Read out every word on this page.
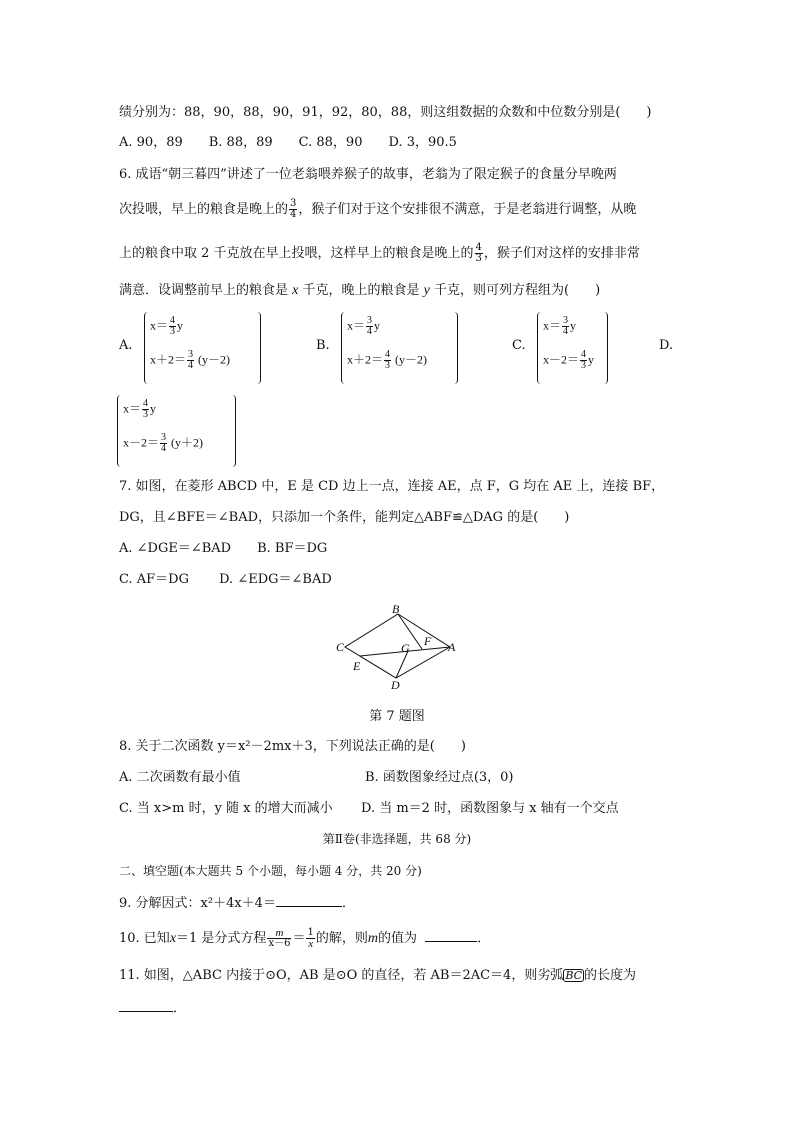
绩分别为：88，90，88，90，91，92，80，88，则这组数据的众数和中位数分别是(　　)
A. 90，89　　B. 88，89　　C. 88，90　　D. 3，90.5
6. 成语“朝三暮四”讲述了一位老翁喂养猴子的故事，老翁为了限定猴子的食量分早晚两
次投喂，早上的粮食是晚上的 $\frac{3}{4}$ ，猴子们对于这个安排很不满意，于是老翁进行调整，从晚
上的粮食中取 2 千克放在早上投喂，这样早上的粮食是晚上的 $\frac{4}{3}$ ，猴子们对这样的安排非常
满意．设调整前早上的粮食是 x 千克，晚上的粮食是 y 千克，则可列方程组为(　　)
A.
$x= \frac{4}{3}$ y
$x+2= \frac{3}{4} (y-2)$
B.
$x= \frac{3}{4}$ y
$x+2= \frac{4}{3} (y-2)$
C.
$x= \frac{3}{4}$ y
$x-2= \frac{4}{3}$ y
D.
$x= \frac{4}{3}$ y
$x-2= \frac{3}{4} (y+2)$
7. 如图，在菱形 ABCD 中，E 是 CD 边上一点，连接 AE，点 F，G 均在 AE 上，连接 BF，
DG，且∠BFE＝∠BAD，只添加一个条件，能判定△ABF≌△DAG 的是(　　)
A. ∠DGE＝∠BAD　　B. BF＝DG
C. AF＝DG　　 D. ∠EDG＝∠BAD
B
C	A
D
E
F
G
第 7 题图
8. 关于二次函数 y＝x²－2mx＋3，下列说法正确的是(　　)
A. 二次函数有最小值	B. 函数图象经过点(3，0)
C. 当 x>m 时，y 随 x 的增大而减小 D. 当 m＝2 时，函数图象与 x 轴有一个交点
第Ⅱ卷(非选择题，共 68 分)
二、填空题(本大题共 5 个小题，每小题 4 分，共 20 分)
9. 分解因式：x²＋4x＋4＝	．
10. 已知x＝1 是分式方程 $\frac{m}{x-6} = \frac{1}{x}$ 的解，则m的值为	．
11. 如图，△ABC 内接于⊙O，AB 是⊙O 的直径，若 AB＝2AC＝4，则劣弧 BC 的长度为
．
